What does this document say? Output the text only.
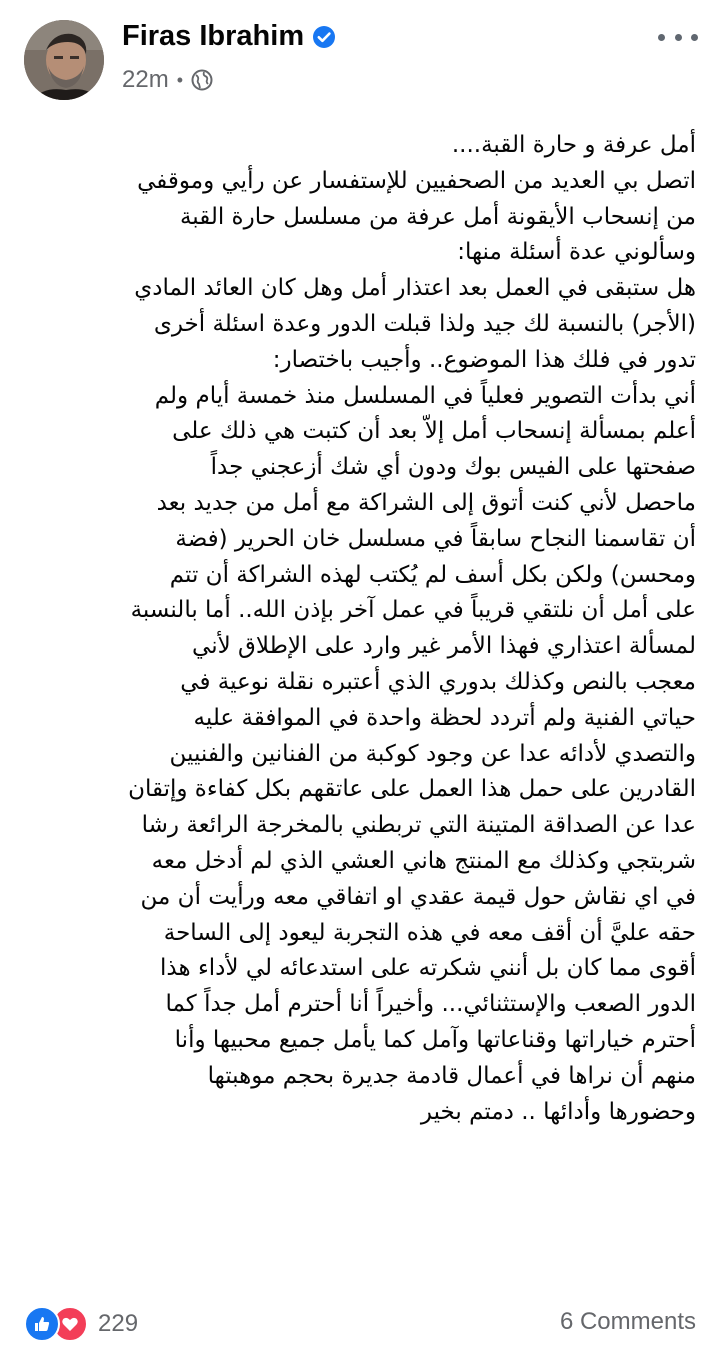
Firas Ibrahim
22m •
أمل عرفة و حارة القبة....
اتصل بي العديد من الصحفيين للإستفسار عن رأيي وموقفي
من إنسحاب الأيقونة أمل عرفة من مسلسل حارة القبة
وسألوني عدة أسئلة منها:
هل ستبقى في العمل بعد اعتذار أمل وهل كان العائد المادي
(الأجر) بالنسبة لك جيد ولذا قبلت الدور وعدة اسئلة أخرى
تدور في فلك هذا الموضوع.. وأجيب باختصار:
أني بدأت التصوير فعلياً في المسلسل منذ خمسة أيام ولم
أعلم بمسألة إنسحاب أمل إلاّ بعد أن كتبت هي ذلك على
صفحتها على الفيس بوك ودون أي شك أزعجني جداً
ماحصل لأني كنت أتوق إلى الشراكة مع أمل من جديد بعد
أن تقاسمنا النجاح سابقاً في مسلسل خان الحرير (فضة
ومحسن) ولكن بكل أسف لم يُكتب لهذه الشراكة أن تتم
على أمل أن نلتقي قريباً في عمل آخر بإذن الله.. أما بالنسبة
لمسألة اعتذاري فهذا الأمر غير وارد على الإطلاق لأني
معجب بالنص وكذلك بدوري الذي أعتبره نقلة نوعية في
حياتي الفنية ولم أتردد لحظة واحدة في الموافقة عليه
والتصدي لأدائه عدا عن وجود كوكبة من الفنانين والفنيين
القادرين على حمل هذا العمل على عاتقهم بكل كفاءة وإتقان
عدا عن الصداقة المتينة التي تربطني بالمخرجة الرائعة رشا
شربتجي وكذلك مع المنتج هاني العشي الذي لم أدخل معه
في اي نقاش حول قيمة عقدي او اتفاقي معه ورأيت أن من
حقه عليَّ أن أقف معه في هذه التجربة ليعود إلى الساحة
أقوى مما كان بل أنني شكرته على استدعائه لي لأداء هذا
الدور الصعب والإستثنائي... وأخيراً أنا أحترم أمل جداً كما
أحترم خياراتها وقناعاتها وآمل كما يأمل جميع محبيها وأنا
منهم أن نراها في أعمال قادمة جديرة بحجم موهبتها
وحضورها وأدائها .. دمتم بخير
229	6 Comments
